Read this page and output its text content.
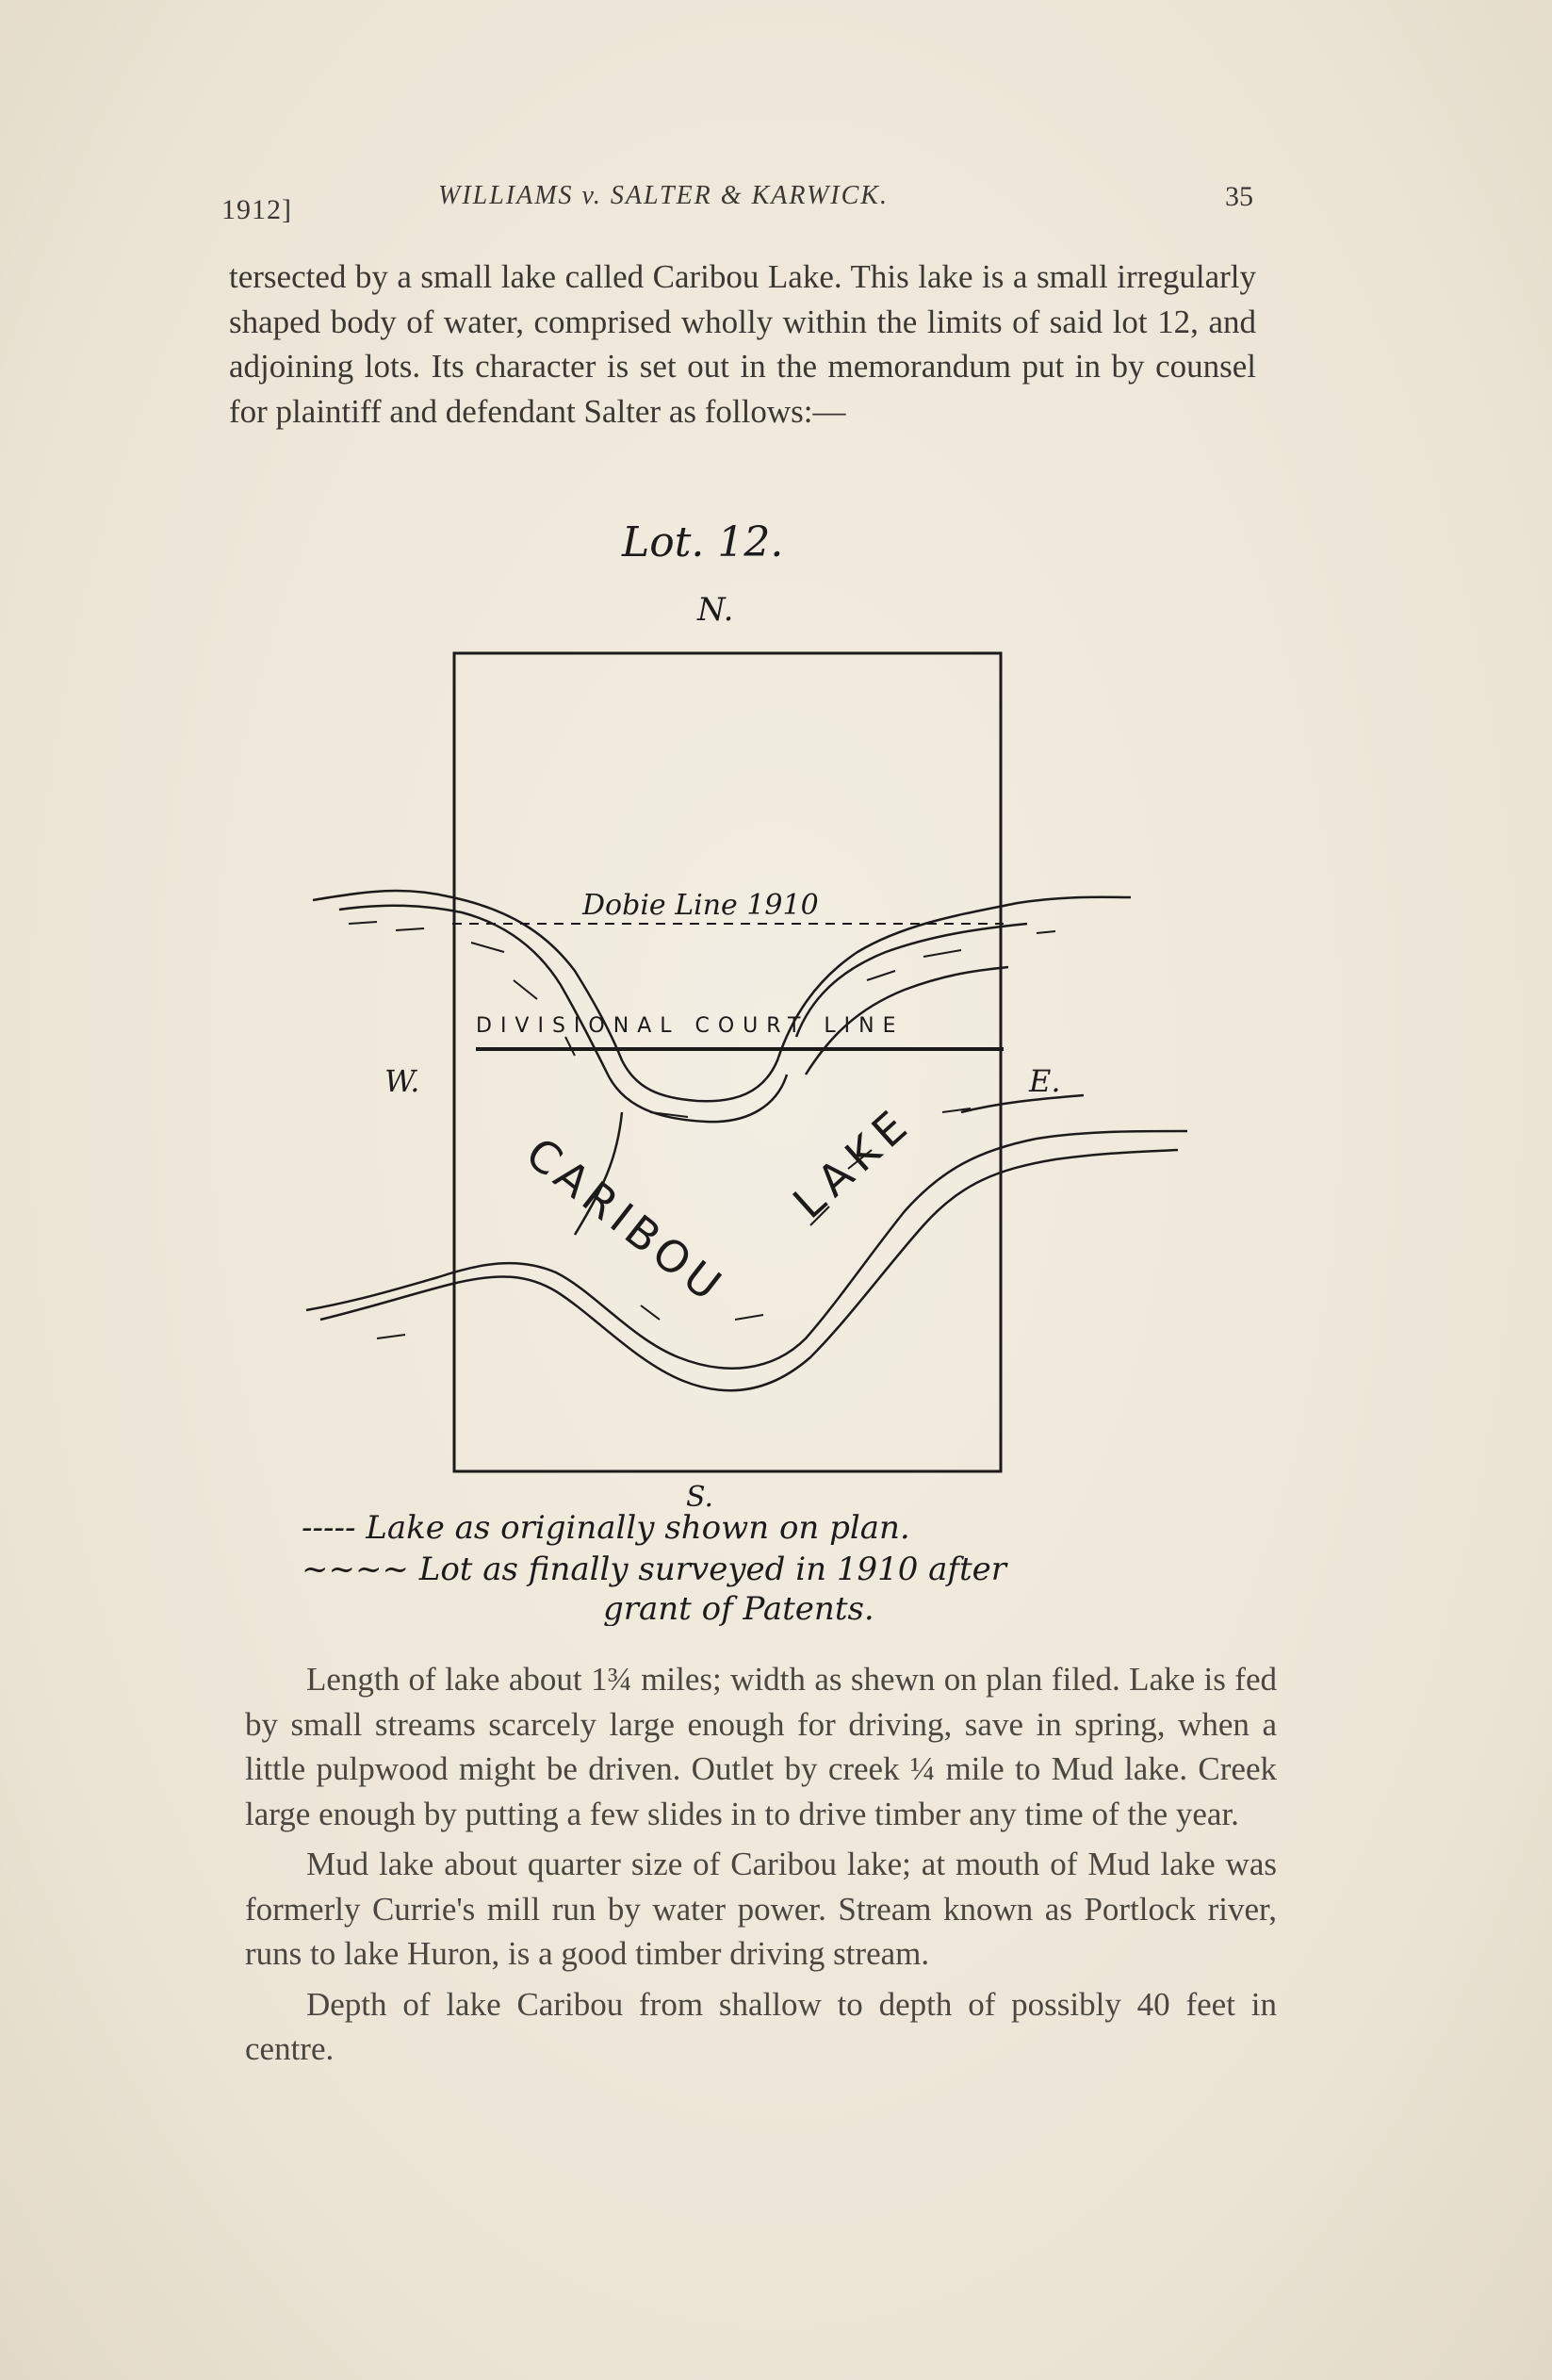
1912]	WILLIAMS v. SALTER & KARWICK.	35
tersected by a small lake called Caribou Lake. This lake is a small irregularly shaped body of water, comprised wholly within the limits of said lot 12, and adjoining lots. Its character is set out in the memorandum put in by counsel for plaintiff and defendant Salter as follows:—
Lot. 12.
N.
W.	E.
S.
Dobie Line 1910
DIVISIONAL COURT LINE
CARIBOU LAKE
----- Lake as originally shown on plan.
~~~~ Lot as finally surveyed in 1910 after
grant of Patents.

Length of lake about 1¾ miles; width as shewn on plan filed. Lake is fed by small streams scarcely large enough for driving, save in spring, when a little pulpwood might be driven. Outlet by creek ¼ mile to Mud lake. Creek large enough by putting a few slides in to drive timber any time of the year.

Mud lake about quarter size of Caribou lake; at mouth of Mud lake was formerly Currie's mill run by water power. Stream known as Portlock river, runs to lake Huron, is a good timber driving stream.

Depth of lake Caribou from shallow to depth of possibly 40 feet in centre.
